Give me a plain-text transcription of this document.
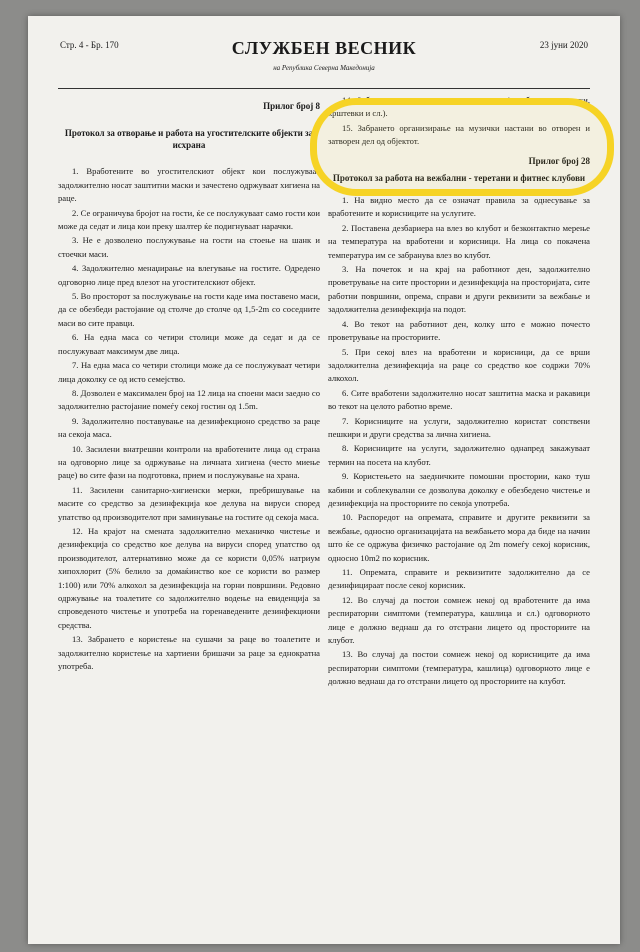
Стр. 4 - Бр. 170	СЛУЖБЕН ВЕСНИК	23 јуни 2020
на Република Северна Македонија

Прилог број 8

Протокол за отворање и работа на угостителските објекти за исхрана

1. Вработените во угостителскиот објект кои послужуваат задолжително носат заштитни маски и зачестено одржуваат хигиена на раце.

2. Се ограничува бројот на гости, ќе се послужуваат само гости кои може да седат и лица кои преку шалтер ќе подигнуваат нарачки.

3. Не е дозволено послужување на гости на стоење на шанк и стоечки маси.

4. Задолжително менаџирање на влегување на гостите. Одредено одговорно лице пред влезот на угостителскиот објект.

5. Во просторот за послужување на гости каде има поставено маси, да се обезбеди растојание од столче до столче од 1,5-2m со соседните маси во сите правци.

6. На една маса со четири столици може да седат и да се послужуваат максимум две лица.

7. На една маса со четири столици може да се послужуваат четири лица доколку се од исто семејство.

8. Дозволен е максимален број на 12 лица на спoени маси заедно со задолжително растојание помеѓу секој гостин од 1.5m.

9. Задолжително поставување на дезинфекционо средство за раце на секоја маса.

10. Засилени внатрешни контроли на вработените лица од страна на одговорно лице за одржување на личната хигиена (често миење раце) во сите фази на подготовка, прием и послужување на храна.

11. Засилени санитарно-хигиенски мерки, пребришување на масите со средство за дезинфекција кое делува на вируси според упатство од производителот при заминување на гостите од секоја маса.

12. На крајот на смената задолжително механичко чистење и дезинфекција со средство кое делува на вируси според упатство од производителот, алтернативно може да се користи 0,05% натриум хипохлорит (5% белило за домаќинство кое се користи во размер 1:100) или 70% алкохол за дезинфекција на горни површини. Редовно одржување на тоалетите со задолжително водење на евиденција за спроведеното чистење и употреба на горенаведените дезинфекциони средства.

13. Забрането е користење на сушачи за раце во тоалетите и задолжително користење на хартиени бришачи за раце за еднократна употреба.

14. Забрането организирање на прослави (свадби, роденденски, крштевки и сл.).

15. Забрането организирање на музички настани во отворен и затворен дел од објектот.

Прилог број 28

Протокол за работа на вежбални - теретани и фитнес клубови

1. На видно место да се означат правила за однесување за вработените и корисниците на услугите.

2. Поставена дезбариера на влез во клубот и безконтактно мерење на температура на вработени и корисници. На лица со покачена температура им се забранува влез во клубот.

3. На почеток и на крај на работниот ден, задолжително проветрување на сите простории и дезинфекција на просторијата, сите работни површини, опрема, справи и други реквизити за вежбање и задолжителна дезинфекција на подот.

4. Во текот на работниот ден, колку што е можно почесто проветрување на просториите.

5. При секој влез на вработени и корисници, да се врши задолжителна дезинфекција на раце со средство кое содржи 70% алкохол.

6. Сите вработени задолжително носат заштитна маска и ракавици во текот на целото работно време.

7. Корисниците на услуги, задолжително користат сопствени пешкири и други средства за лична хигиена.

8. Корисниците на услуги, задолжително однапред закажуваат термин на посета на клубот.

9. Користењето на заедничките помошни простории, како туш кабини и соблекувални се дозволува доколку е обезбедено чистење и дезинфекција на просториите по секоја употреба.

10. Распоредот на опремата, справите и другите реквизити за вежбање, односно организацијата на вежбањето мора да биде на начин што ќе се одржува физичко растојание од 2m помеѓу секој корисник, односно 10m2 по корисник.

11. Опремата, справите и реквизитите задолжително да се дезинфицираат после секој корисник.

12. Во случај да постои сомнеж некој од вработените да има респираторни симптоми (температура, кашлица и сл.) одговорното лице е должно веднаш да го отстрани лицето од просториите на клубот.

13. Во случај да постои сомнеж некој од корисниците да има респираторни симптоми (температура, кашлица) одговорното лице е должно веднаш да го отстрани лицето од просториите на клубот.
